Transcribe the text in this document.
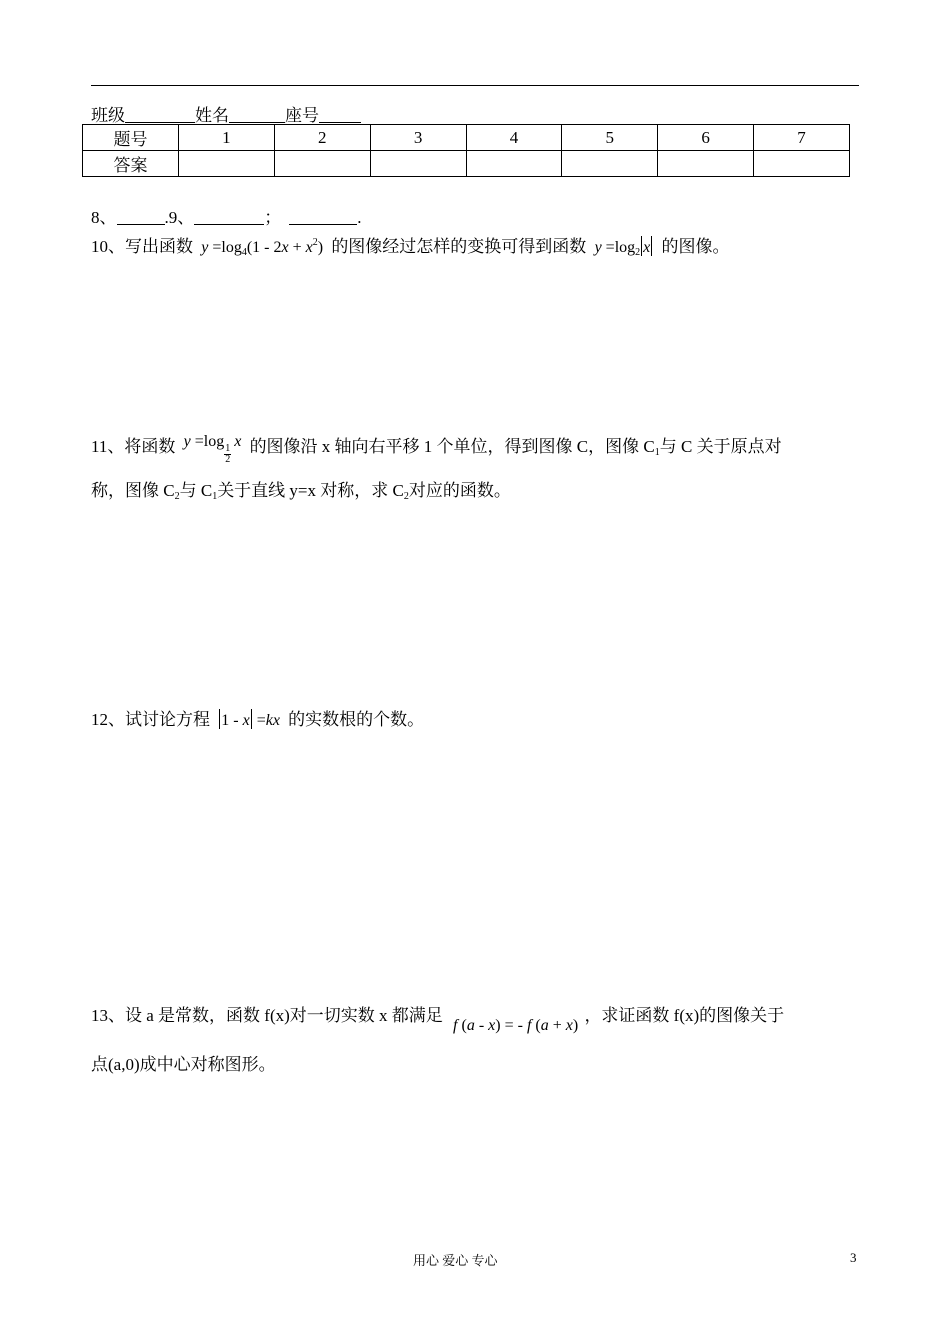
班级	姓名	座号
题号	1	2	3	4	5	6	7
答案							
8、	.9、	；	.
10、写出函数 $y =\log_4(1 - 2x + x^2)$ 的图像经过怎样的变换可得到函数 $y =\log_2$ x 的图像。
11、将函数 y =log
$\frac{1}{2}$
x 的图像沿 x 轴向右平移 1 个单位，得到图像 C，图像 $C_1$与 C 关于原点对
称，图像 $C_2$与 $C_1$关于直线 y=x 对称，求 $C_2$对应的函数。
12、试讨论方程 1 - x =kx 的实数根的个数。
13、设 a 是常数，函数 f(x)对一切实数 x 都满足 f (a - x) = - f (a + x) ，求证函数 f(x)的图像关于
点(a,0)成中心对称图形。
用心 爱心 专心	3
